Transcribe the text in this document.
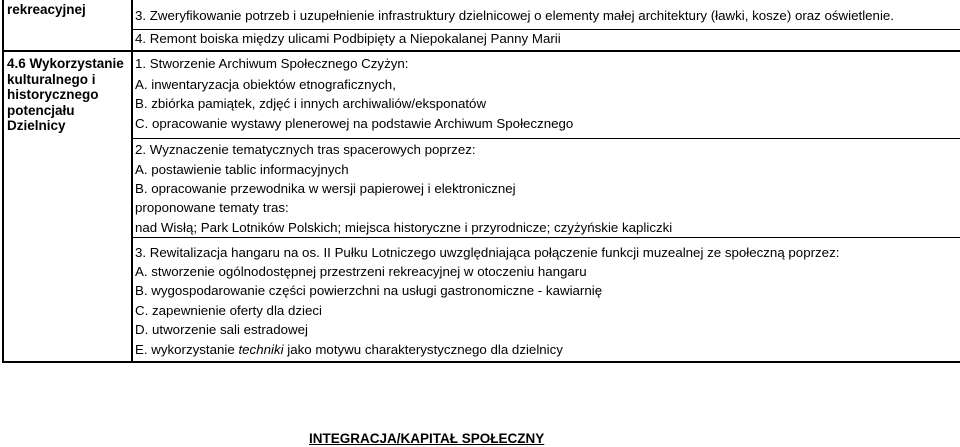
rekreacyjnej	3. Zweryfikowanie potrzeb i uzupełnienie infrastruktury dzielnicowej o elementy małej architektury (ławki, kosze) oraz oświetlenie.
4. Remont boiska między ulicami Podbipięty a Niepokalanej Panny Marii
4.6 Wykorzystanie
kulturalnego i
historycznego
potencjału
Dzielnicy
1. Stworzenie Archiwum Społecznego Czyżyn:
A. inwentaryzacja obiektów etnograficznych,
B. zbiórka pamiątek, zdjęć i innych archiwaliów/eksponatów
C. opracowanie wystawy plenerowej na podstawie Archiwum Społecznego
2. Wyznaczenie tematycznych tras spacerowych poprzez:
A. postawienie tablic informacyjnych
B. opracowanie przewodnika w wersji papierowej i elektronicznej
proponowane tematy tras:
nad Wisłą; Park Lotników Polskich; miejsca historyczne i przyrodnicze; czyżyńskie kapliczki
3. Rewitalizacja hangaru na os. II Pułku Lotniczego uwzględniająca połączenie funkcji muzealnej ze społeczną poprzez:
A. stworzenie ogólnodostępnej przestrzeni rekreacyjnej w otoczeniu hangaru
B. wygospodarowanie części powierzchni na usługi gastronomiczne - kawiarnię
C. zapewnienie oferty dla dzieci
D. utworzenie sali estradowej
E. wykorzystanie techniki jako motywu charakterystycznego dla dzielnicy
INTEGRACJA/KAPITAŁ SPOŁECZNY
